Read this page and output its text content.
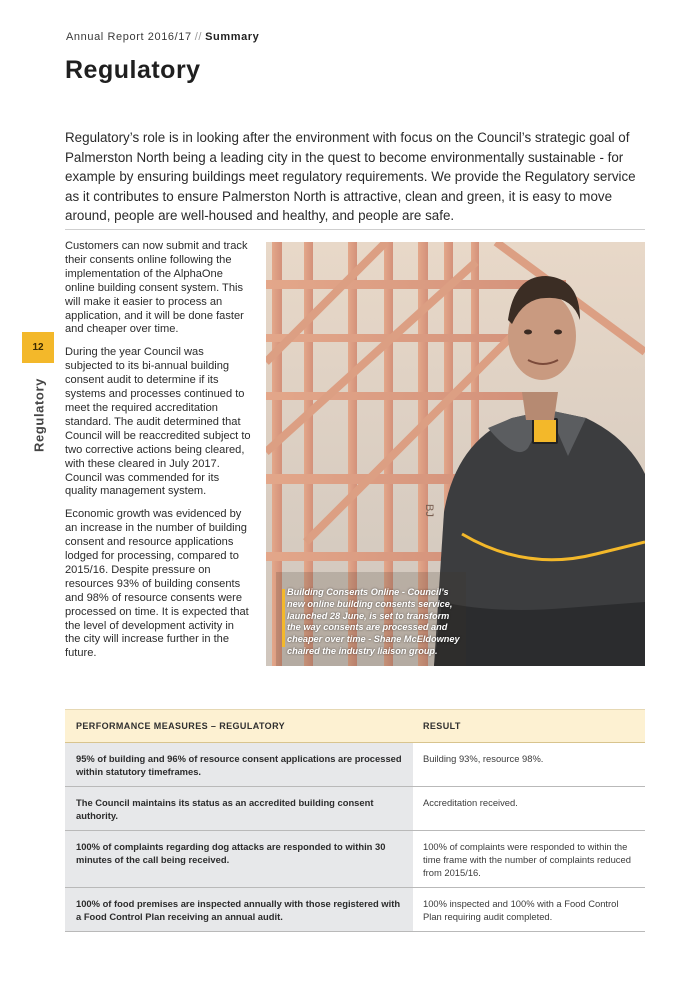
Annual Report 2016/17 // Summary
Regulatory

Regulatory’s role is in looking after the environment with focus on the Council’s strategic goal of Palmerston North being a leading city in the quest to become environmentally sustainable - for example by ensuring buildings meet regulatory requirements. We provide the Regulatory service as it contributes to ensure Palmerston North is attractive, clean and green, it is easy to move around, people are well-housed and healthy, and people are safe.

12
Regulatory

Customers can now submit and track their consents online following the implementation of the AlphaOne online building consent system. This will make it easier to process an application, and it will be done faster and cheaper over time.

During the year Council was subjected to its bi-annual building consent audit to determine if its systems and processes continued to meet the required accreditation standard. The audit determined that Council will be reaccredited subject to two corrective actions being cleared, with these cleared in July 2017. Council was commended for its quality management system.

Economic growth was evidenced by an increase in the number of building consent and resource applications lodged for processing, compared to 2015/16. Despite pressure on resources 93% of building consents and 98% of resource consents were processed on time. It is expected that the level of development activity in the city will increase further in the future.

BJ
Building Consents Online - Council’s new online building consents service, launched 28 June, is set to transform the way consents are processed and cheaper over time - Shane McEldowney chaired the industry liaison group.
PERFORMANCE MEASURES – REGULATORY	RESULT
95% of building and 96% of resource consent applications are processed within statutory timeframes.
Building 93%, resource 98%.
The Council maintains its status as an accredited building consent authority.
Accreditation received.
100% of complaints regarding dog attacks are responded to within 30 minutes of the call being received.
100% of complaints were responded to within the time frame with the number of complaints reduced from 2015/16.
100% of food premises are inspected annually with those registered with a Food Control Plan receiving an annual audit.
100% inspected and 100% with a Food Control Plan requiring audit completed.
